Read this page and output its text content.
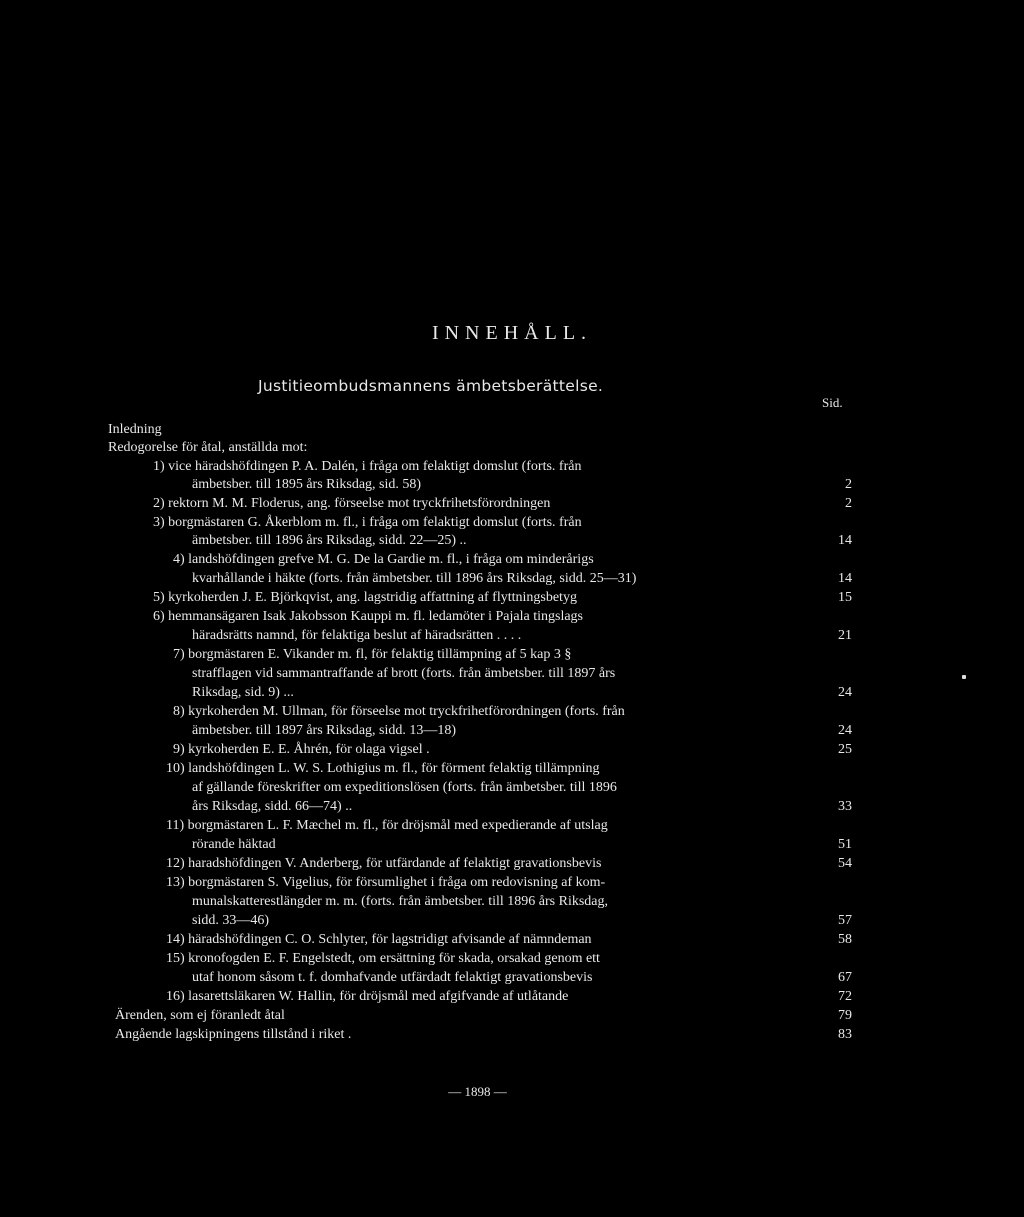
INNEHÅLL.
Justitieombudsmannens ämbetsberättelse.
Sid.
Inledning
Redogorelse för åtal, anställda mot:
1) vice häradshöfdingen P. A. Dalén, i fråga om felaktigt domslut (forts. från
ämbetsber. till 1895 års Riksdag, sid. 58)	2
2) rektorn M. M. Floderus, ang. förseelse mot tryckfrihetsförordningen	2
3) borgmästaren G. Åkerblom m. fl., i fråga om felaktigt domslut (forts. från
ämbetsber. till 1896 års Riksdag, sidd. 22—25) ..	14
4) landshöfdingen grefve M. G. De la Gardie m. fl., i fråga om minderårigs
kvarhållande i häkte (forts. från ämbetsber. till 1896 års Riksdag, sidd. 25—31)	14
5) kyrkoherden J. E. Björkqvist, ang. lagstridig affattning af flyttningsbetyg	15
6) hemmansägaren Isak Jakobsson Kauppi m. fl. ledamöter i Pajala tingslags
häradsrätts namnd, för felaktiga beslut af häradsrätten . . . .	21
7) borgmästaren E. Vikander m. fl, för felaktig tillämpning af 5 kap 3 §
strafflagen vid sammantraffande af brott (forts. från ämbetsber. till 1897 års
Riksdag, sid. 9) ...	24
8) kyrkoherden M. Ullman, för förseelse mot tryckfrihetförordningen (forts. från
ämbetsber. till 1897 års Riksdag, sidd. 13—18)	24
9) kyrkoherden E. E. Åhrén, för olaga vigsel .	25
10) landshöfdingen L. W. S. Lothigius m. fl., för förment felaktig tillämpning
af gällande föreskrifter om expeditionslösen (forts. från ämbetsber. till 1896
års Riksdag, sidd. 66—74) ..	33
11) borgmästaren L. F. Mæchel m. fl., för dröjsmål med expedierande af utslag
rörande häktad	51
12) haradshöfdingen V. Anderberg, för utfärdande af felaktigt gravationsbevis	54
13) borgmästaren S. Vigelius, för försumlighet i fråga om redovisning af kom-
munalskatterestlängder m. m. (forts. från ämbetsber. till 1896 års Riksdag,
sidd. 33—46)	57
14) häradshöfdingen C. O. Schlyter, för lagstridigt afvisande af nämndeman	58
15) kronofogden E. F. Engelstedt, om ersättning för skada, orsakad genom ett
utaf honom såsom t. f. domhafvande utfärdadt felaktigt gravationsbevis	67
16) lasarettsläkaren W. Hallin, för dröjsmål med afgifvande af utlåtande	72
Ärenden, som ej föranledt åtal	79
Angående lagskipningens tillstånd i riket .	83
— 1898 —
